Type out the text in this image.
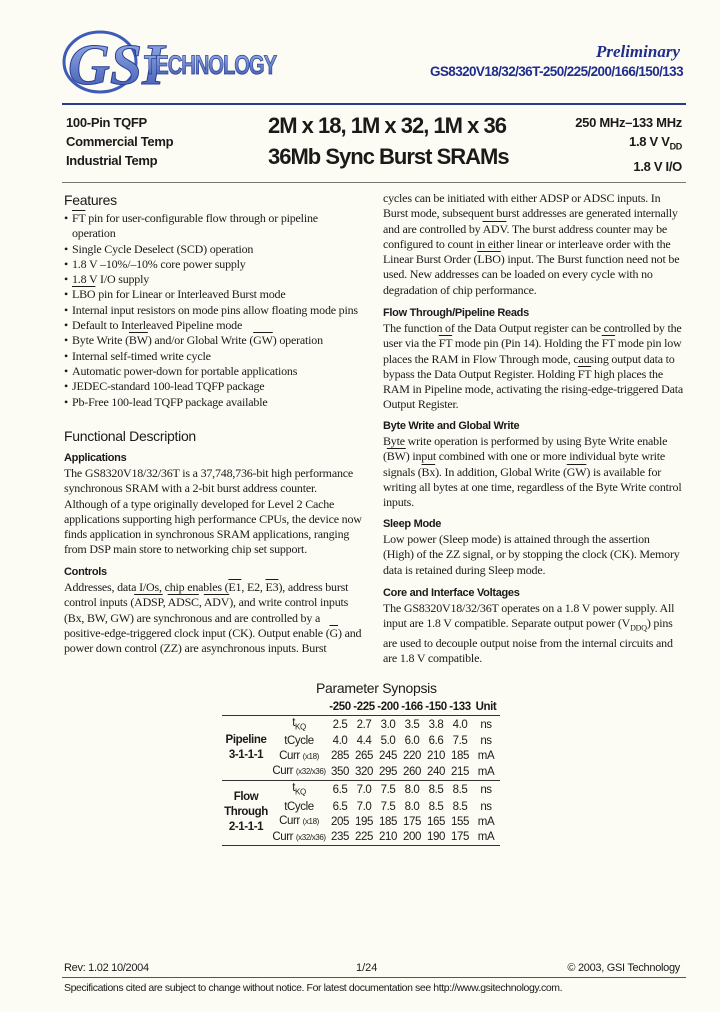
GSI
TECHNOLOGY	Preliminary
GS8320V18/32/36T-250/225/200/166/150/133
100-Pin TQFP
Commercial Temp
Industrial Temp
2M x 18, 1M x 32, 1M x 36
36Mb Sync Burst SRAMs
250 MHz–133 MHz
1.8 V $V_{DD}$
1.8 V I/O
Features
• $\overline{FT}$ pin for user-configurable flow through or pipeline operation
• Single Cycle Deselect (SCD) operation
• 1.8 V –10%/–10% core power supply
• 1.8 V I/O supply
• $\overline{LBO}$ pin for Linear or Interleaved Burst mode
• Internal input resistors on mode pins allow floating mode pins
• Default to Interleaved Pipeline mode
• Byte Write $(\overline{BW})$ and/or Global Write $(\overline{GW})$ operation
• Internal self-timed write cycle
• Automatic power-down for portable applications
• JEDEC-standard 100-lead TQFP package
• Pb-Free 100-lead TQFP package available
Functional Description
Applications

The GS8320V18/32/36T is a 37,748,736-bit high performance synchronous SRAM with a 2-bit burst address counter. Although of a type originally developed for Level 2 Cache applications supporting high performance CPUs, the device now finds application in synchronous SRAM applications, ranging from DSP main store to networking chip set support.

Controls

Addresses, data I/Os, chip enables (E1, E2, E3), address burst control inputs (ADSP, ADSC, $\overline{ADV}$), and write control inputs (Bx, BW, GW) are synchronous and are controlled by a positive-edge-triggered clock input (CK). Output enable $(\overline{G})$ and power down control (ZZ) are asynchronous inputs. Burst

cycles can be initiated with either ADSP or ADSC inputs. In Burst mode, subsequent burst addresses are generated internally and are controlled by $\overline{ADV}$. The burst address counter may be configured to count in either linear or interleave order with the Linear Burst Order $(\overline{LBO})$ input. The Burst function need not be used. New addresses can be loaded on every cycle with no degradation of chip performance.

Flow Through/Pipeline Reads

The function of the Data Output register can be controlled by the user via the $\overline{FT}$ mode pin (Pin 14). Holding the $\overline{FT}$ mode pin low places the RAM in Flow Through mode, causing output data to bypass the Data Output Register. Holding $\overline{FT}$ high places the RAM in Pipeline mode, activating the rising-edge-triggered Data Output Register.

Byte Write and Global Write

Byte write operation is performed by using Byte Write enable $(\overline{BW})$ input combined with one or more individual byte write signals $(\overline{Bx})$. In addition, Global Write $(\overline{GW})$ is available for writing all bytes at one time, regardless of the Byte Write control inputs.

Sleep Mode

Low power (Sleep mode) is attained through the assertion (High) of the ZZ signal, or by stopping the clock (CK). Memory data is retained during Sleep mode.

Core and Interface Voltages

The GS8320V18/32/36T operates on a 1.8 V power supply. All input are 1.8 V compatible. Separate output power $(V_{DDQ})$ pins are used to decouple output noise from the internal circuits and are 1.8 V compatible.

Parameter Synopsis
		-250	-225	-200	-166	-150	-133	Unit

Pipeline
3-1-1-1	$t_{KQ}$	2.5	2.7	3.0	3.5	3.8	4.0	ns
	tCycle	4.0	4.4	5.0	6.0	6.6	7.5	ns
	Curr (x18)	285	265	245	220	210	185	mA
	Curr (x32/x36)	350	320	295	260	240	215	mA

Flow
Through
2-1-1-1	$t_{KQ}$	6.5	7.0	7.5	8.0	8.5	8.5	ns
	tCycle	6.5	7.0	7.5	8.0	8.5	8.5	ns
	Curr (x18)	205	195	185	175	165	155	mA
	Curr (x32/x36)	235	225	210	200	190	175	mA
Rev: 1.02 10/2004	1/24	© 2003, GSI Technology
Specifications cited are subject to change without notice. For latest documentation see http://www.gsitechnology.com.
